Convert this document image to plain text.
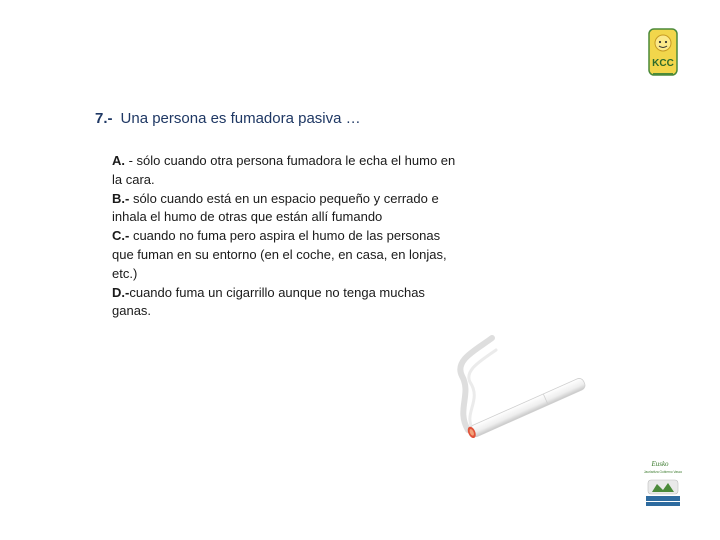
KCC
7.- Una persona es fumadora pasiva …

A. - sólo cuando otra persona fumadora le echa el humo en la cara.

B.- sólo cuando está en un espacio pequeño y cerrado e inhala el humo de otras que están allí fumando

C.- cuando no fuma pero aspira el humo de las personas que fuman en su entorno (en el coche, en casa, en lonjas, etc.)

D.-cuando fuma un cigarrillo aunque no tenga muchas ganas.

Eusko
Jaurlaritza Gobierno Vasco
